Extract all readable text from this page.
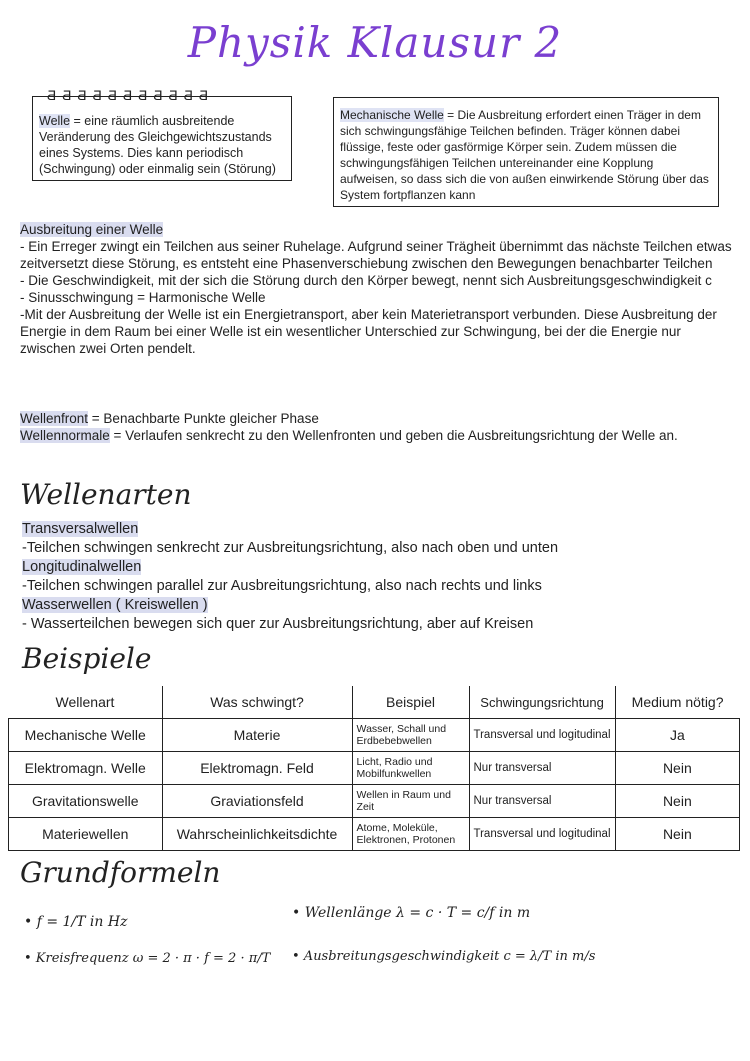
Physik Klausur 2
ƋƋƋƋƋƋƋƋƋƋƋ
Welle = eine räumlich ausbreitende Veränderung des Gleichgewichtszustands eines Systems. Dies kann periodisch (Schwingung) oder einmalig sein (Störung)
Mechanische Welle = Die Ausbreitung erfordert einen Träger in dem sich schwingungsfähige Teilchen befinden. Träger können dabei flüssige, feste oder gasförmige Körper sein. Zudem müssen die schwingungsfähigen Teilchen untereinander eine Kopplung aufweisen, so dass sich die von außen einwirkende Störung über das System fortpflanzen kann
Ausbreitung einer Welle
- Ein Erreger zwingt ein Teilchen aus seiner Ruhelage. Aufgrund seiner Trägheit übernimmt das nächste Teilchen etwas zeitversetzt diese Störung, es entsteht eine Phasenverschiebung zwischen den Bewegungen benachbarter Teilchen
- Die Geschwindigkeit, mit der sich die Störung durch den Körper bewegt, nennt sich Ausbreitungsgeschwindigkeit c
- Sinusschwingung = Harmonische Welle
-Mit der Ausbreitung der Welle ist ein Energietransport, aber kein Materietransport verbunden. Diese Ausbreitung der Energie in dem Raum bei einer Welle ist ein wesentlicher Unterschied zur Schwingung, bei der die Energie nur zwischen zwei Orten pendelt.
Wellenfront = Benachbarte Punkte gleicher Phase
Wellennormale = Verlaufen senkrecht zu den Wellenfronten und geben die Ausbreitungsrichtung der Welle an.
Wellenarten
Transversalwellen
-Teilchen schwingen senkrecht zur Ausbreitungsrichtung, also nach oben und unten
Longitudinalwellen
-Teilchen schwingen parallel zur Ausbreitungsrichtung, also nach rechts und links
Wasserwellen ( Kreiswellen )
- Wasserteilchen bewegen sich quer zur Ausbreitungsrichtung, aber auf Kreisen
Beispiele
Wellenart	Was schwingt?	Beispiel	Schwingungsrichtung	Medium nötig?
Mechanische Welle	Materie	Wasser, Schall und Erdbebebwellen	Transversal und logitudinal	Ja
Elektromagn. Welle	Elektromagn. Feld	Licht, Radio und Mobilfunkwellen	Nur transversal	Nein
Gravitationswelle	Graviationsfeld	Wellen in Raum und Zeit	Nur transversal	Nein
Materiewellen	Wahrscheinlichkeitsdichte	Atome, Moleküle, Elektronen, Protonen	Transversal und logitudinal	Nein
Grundformeln
• f = 1/T in Hz
• Kreisfrequenz ω = 2 · π · f = 2 · π/T
• Wellenlänge λ = c · T = c/f in m
• Ausbreitungsgeschwindigkeit c = λ/T in m/s
